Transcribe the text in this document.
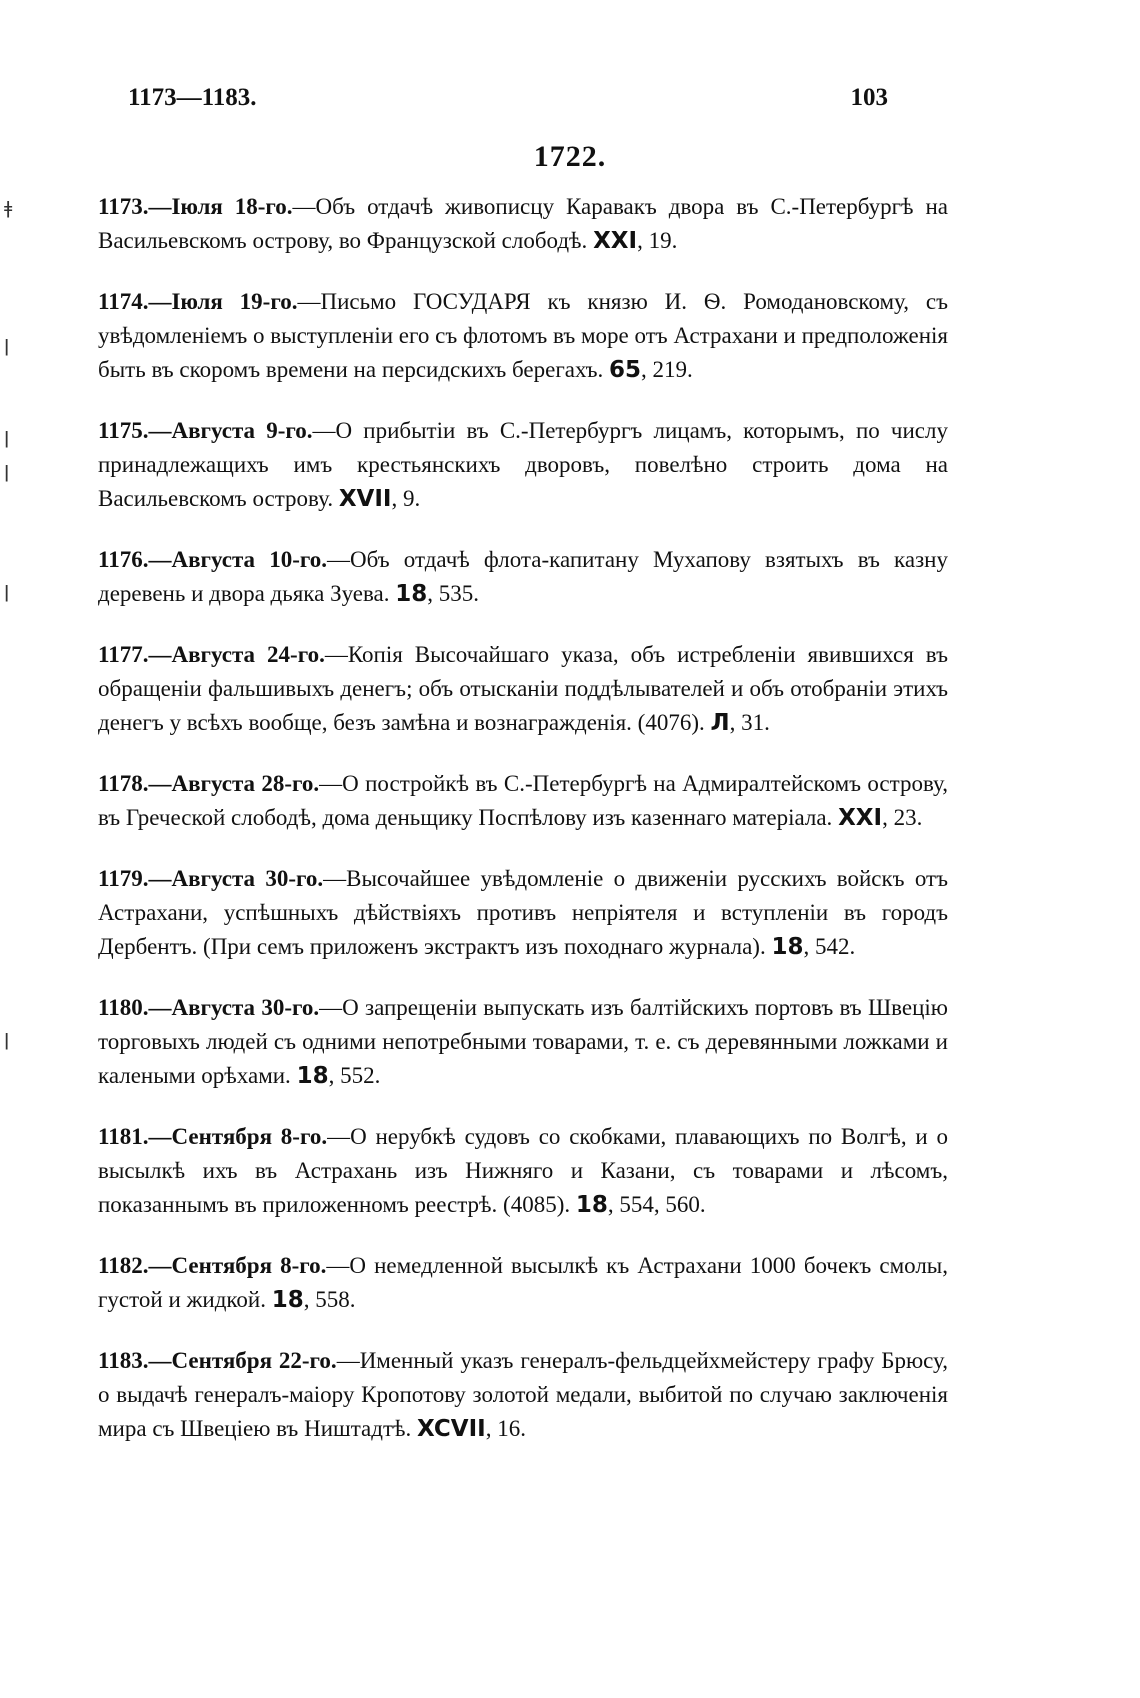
ǂ
ǀ
ǀ
ǀ
ǀ
ǀ
1173—1183.	103
1722.

1173.—Іюля 18-го.—Объ отдачѣ живописцу Каравакъ двора въ С.-Петербургѣ на Васильевскомъ острову, во Французской слободѣ. XXI, 19.

1174.—Іюля 19-го.—Письмо ГОСУДАРЯ къ князю И. Ѳ. Ромодановскому, съ увѣдомленіемъ о выступленіи его съ флотомъ въ море отъ Астрахани и предположенія быть въ скоромъ времени на персидскихъ берегахъ. 65, 219.

1175.—Августа 9-го.—О прибытіи въ С.-Петербургъ лицамъ, которымъ, по числу принадлежащихъ имъ крестьянскихъ дворовъ, повелѣно строить дома на Васильевскомъ острову. XVII, 9.

1176.—Августа 10-го.—Объ отдачѣ флота-капитану Мухапову взятыхъ въ казну деревень и двора дьяка Зуева. 18, 535.

1177.—Августа 24-го.—Копія Высочайшаго указа, объ истребленіи явившихся въ обращеніи фальшивыхъ денегъ; объ отысканіи поддѣлывателей и объ отобраніи этихъ денегъ у всѣхъ вообще, безъ замѣна и вознагражденія. (4076). Л, 31.

1178.—Августа 28-го.—О постройкѣ въ С.-Петербургѣ на Адмиралтейскомъ острову, въ Греческой слободѣ, дома деньщику Поспѣлову изъ казеннаго матеріала. XXI, 23.

1179.—Августа 30-го.—Высочайшее увѣдомленіе о движеніи русскихъ войскъ отъ Астрахани, успѣшныхъ дѣйствіяхъ противъ непріятеля и вступленіи въ городъ Дербентъ. (При семъ приложенъ экстрактъ изъ походнаго журнала). 18, 542.

1180.—Августа 30-го.—О запрещеніи выпускать изъ балтійскихъ портовъ въ Швецію торговыхъ людей съ одними непотребными товарами, т. е. съ деревянными ложками и калеными орѣхами. 18, 552.

1181.—Сентября 8-го.—О нерубкѣ судовъ со скобками, плавающихъ по Волгѣ, и о высылкѣ ихъ въ Астрахань изъ Нижняго и Казани, съ товарами и лѣсомъ, показаннымъ въ приложенномъ реестрѣ. (4085). 18, 554, 560.

1182.—Сентября 8-го.—О немедленной высылкѣ къ Астрахани 1000 бочекъ смолы, густой и жидкой. 18, 558.

1183.—Сентября 22-го.—Именный указъ генералъ-фельдцейхмейстеру графу Брюсу, о выдачѣ генералъ-маіору Кропотову золотой медали, выбитой по случаю заключенія мира съ Швеціею въ Ништадтѣ. XCVII, 16.
